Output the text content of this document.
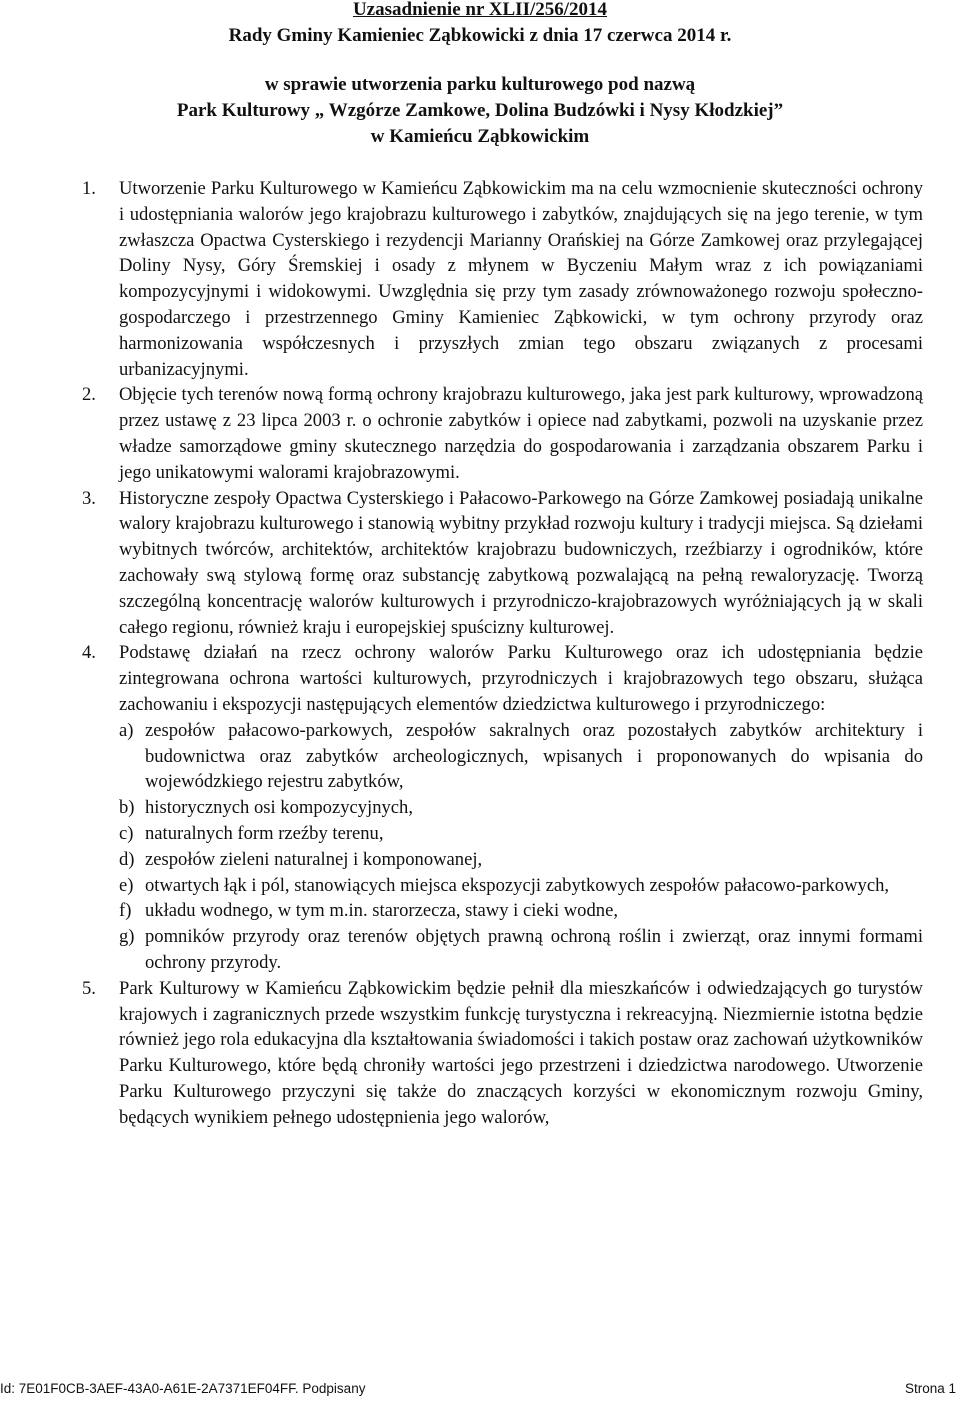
Uzasadnienie nr XLII/256/2014
Rady Gminy Kamieniec Ząbkowicki z dnia 17 czerwca 2014 r.
w sprawie utworzenia parku kulturowego pod nazwą
Park Kulturowy „ Wzgórze Zamkowe, Dolina Budzówki i Nysy Kłodzkiej”
w Kamieńcu Ząbkowickim
1.	Utworzenie Parku Kulturowego w Kamieńcu Ząbkowickim ma na celu wzmocnienie skuteczności ochrony i udostępniania walorów jego krajobrazu kulturowego i zabytków, znajdujących się na jego terenie, w tym zwłaszcza Opactwa Cysterskiego i rezydencji Marianny Orańskiej na Górze Zamkowej oraz przylegającej Doliny Nysy, Góry Śremskiej i osady z młynem w Byczeniu Małym wraz z ich powiązaniami kompozycyjnymi i widokowymi. Uwzględnia się przy tym zasady zrównoważonego rozwoju społeczno-gospodarczego i przestrzennego Gminy Kamieniec Ząbkowicki, w tym ochrony przyrody oraz harmonizowania współczesnych i przyszłych zmian tego obszaru związanych z procesami urbanizacyjnymi.
2.	Objęcie tych terenów nową formą ochrony krajobrazu kulturowego, jaka jest park kulturowy, wprowadzoną przez ustawę z 23 lipca 2003 r. o ochronie zabytków i opiece nad zabytkami, pozwoli na uzyskanie przez władze samorządowe gminy skutecznego narzędzia do gospodarowania i zarządzania obszarem Parku i jego unikatowymi walorami krajobrazowymi.
3.	Historyczne zespoły Opactwa Cysterskiego i Pałacowo-Parkowego na Górze Zamkowej posiadają unikalne walory krajobrazu kulturowego i stanowią wybitny przykład rozwoju kultury i tradycji miejsca. Są dziełami wybitnych twórców, architektów, architektów krajobrazu budowniczych, rzeźbiarzy i ogrodników, które zachowały swą stylową formę oraz substancję zabytkową pozwalającą na pełną rewaloryzację. Tworzą szczególną koncentrację walorów kulturowych i przyrodniczo-krajobrazowych wyróżniających ją w skali całego regionu, również kraju i europejskiej spuścizny kulturowej.
4.	Podstawę działań na rzecz ochrony walorów Parku Kulturowego oraz ich udostępniania będzie zintegrowana ochrona wartości kulturowych, przyrodniczych i krajobrazowych tego obszaru, służąca zachowaniu i ekspozycji następujących elementów dziedzictwa kulturowego i przyrodniczego:
a) zespołów pałacowo-parkowych, zespołów sakralnych oraz pozostałych zabytków architektury i budownictwa oraz zabytków archeologicznych, wpisanych i proponowanych do wpisania do wojewódzkiego rejestru zabytków,
b) historycznych osi kompozycyjnych,
c) naturalnych form rzeźby terenu,
d) zespołów zieleni naturalnej i komponowanej,
e) otwartych łąk i pól, stanowiących miejsca ekspozycji zabytkowych zespołów pałacowo-parkowych,
f) układu wodnego, w tym m.in. starorzecza, stawy i cieki wodne,
g) pomników przyrody oraz terenów objętych prawną ochroną roślin i zwierząt, oraz innymi formami ochrony przyrody.
5.	Park Kulturowy w Kamieńcu Ząbkowickim będzie pełnił dla mieszkańców i odwiedzających go turystów krajowych i zagranicznych przede wszystkim funkcję turystyczna i rekreacyjną. Niezmiernie istotna będzie również jego rola edukacyjna dla kształtowania świadomości i takich postaw oraz zachowań użytkowników Parku Kulturowego, które będą chroniły wartości jego przestrzeni i dziedzictwa narodowego. Utworzenie Parku Kulturowego przyczyni się także do znaczących korzyści w ekonomicznym rozwoju Gminy, będących wynikiem pełnego udostępnienia jego walorów,
Id: 7E01F0CB-3AEF-43A0-A61E-2A7371EF04FF. Podpisany	Strona 1
